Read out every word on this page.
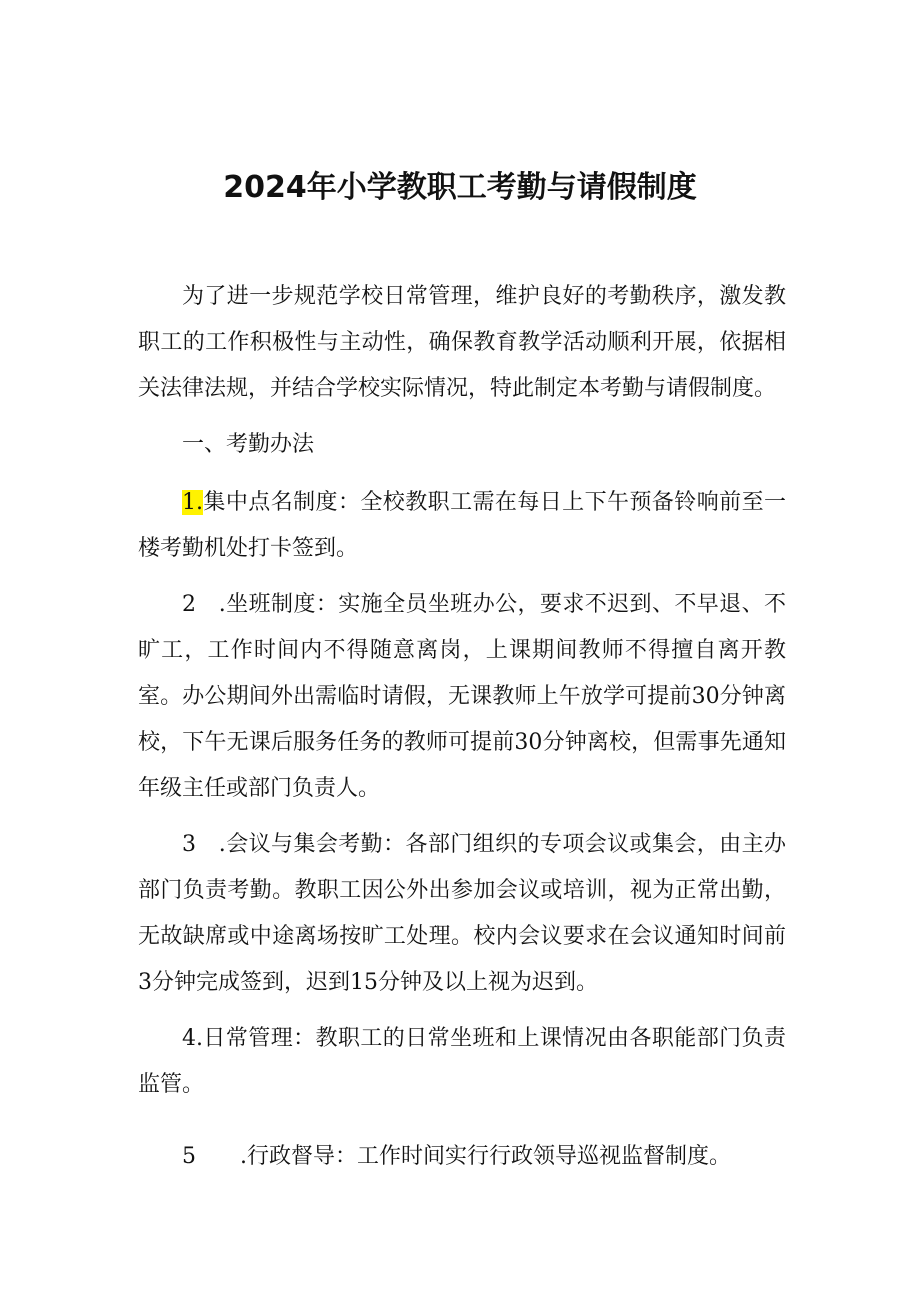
2024年小学教职工考勤与请假制度

为了进一步规范学校日常管理，维护良好的考勤秩序，激发教职工的工作积极性与主动性，确保教育教学活动顺利开展，依据相关法律法规，并结合学校实际情况，特此制定本考勤与请假制度。

一、考勤办法

1.集中点名制度：全校教职工需在每日上下午预备铃响前至一楼考勤机处打卡签到。

2　.坐班制度：实施全员坐班办公，要求不迟到、不早退、不旷工，工作时间内不得随意离岗，上课期间教师不得擅自离开教室。办公期间外出需临时请假，无课教师上午放学可提前30分钟离校，下午无课后服务任务的教师可提前30分钟离校，但需事先通知年级主任或部门负责人。

3　.会议与集会考勤：各部门组织的专项会议或集会，由主办部门负责考勤。教职工因公外出参加会议或培训，视为正常出勤，无故缺席或中途离场按旷工处理。校内会议要求在会议通知时间前3分钟完成签到，迟到15分钟及以上视为迟到。

4.日常管理：教职工的日常坐班和上课情况由各职能部门负责监管。

5　　.行政督导：工作时间实行行政领导巡视监督制度。
